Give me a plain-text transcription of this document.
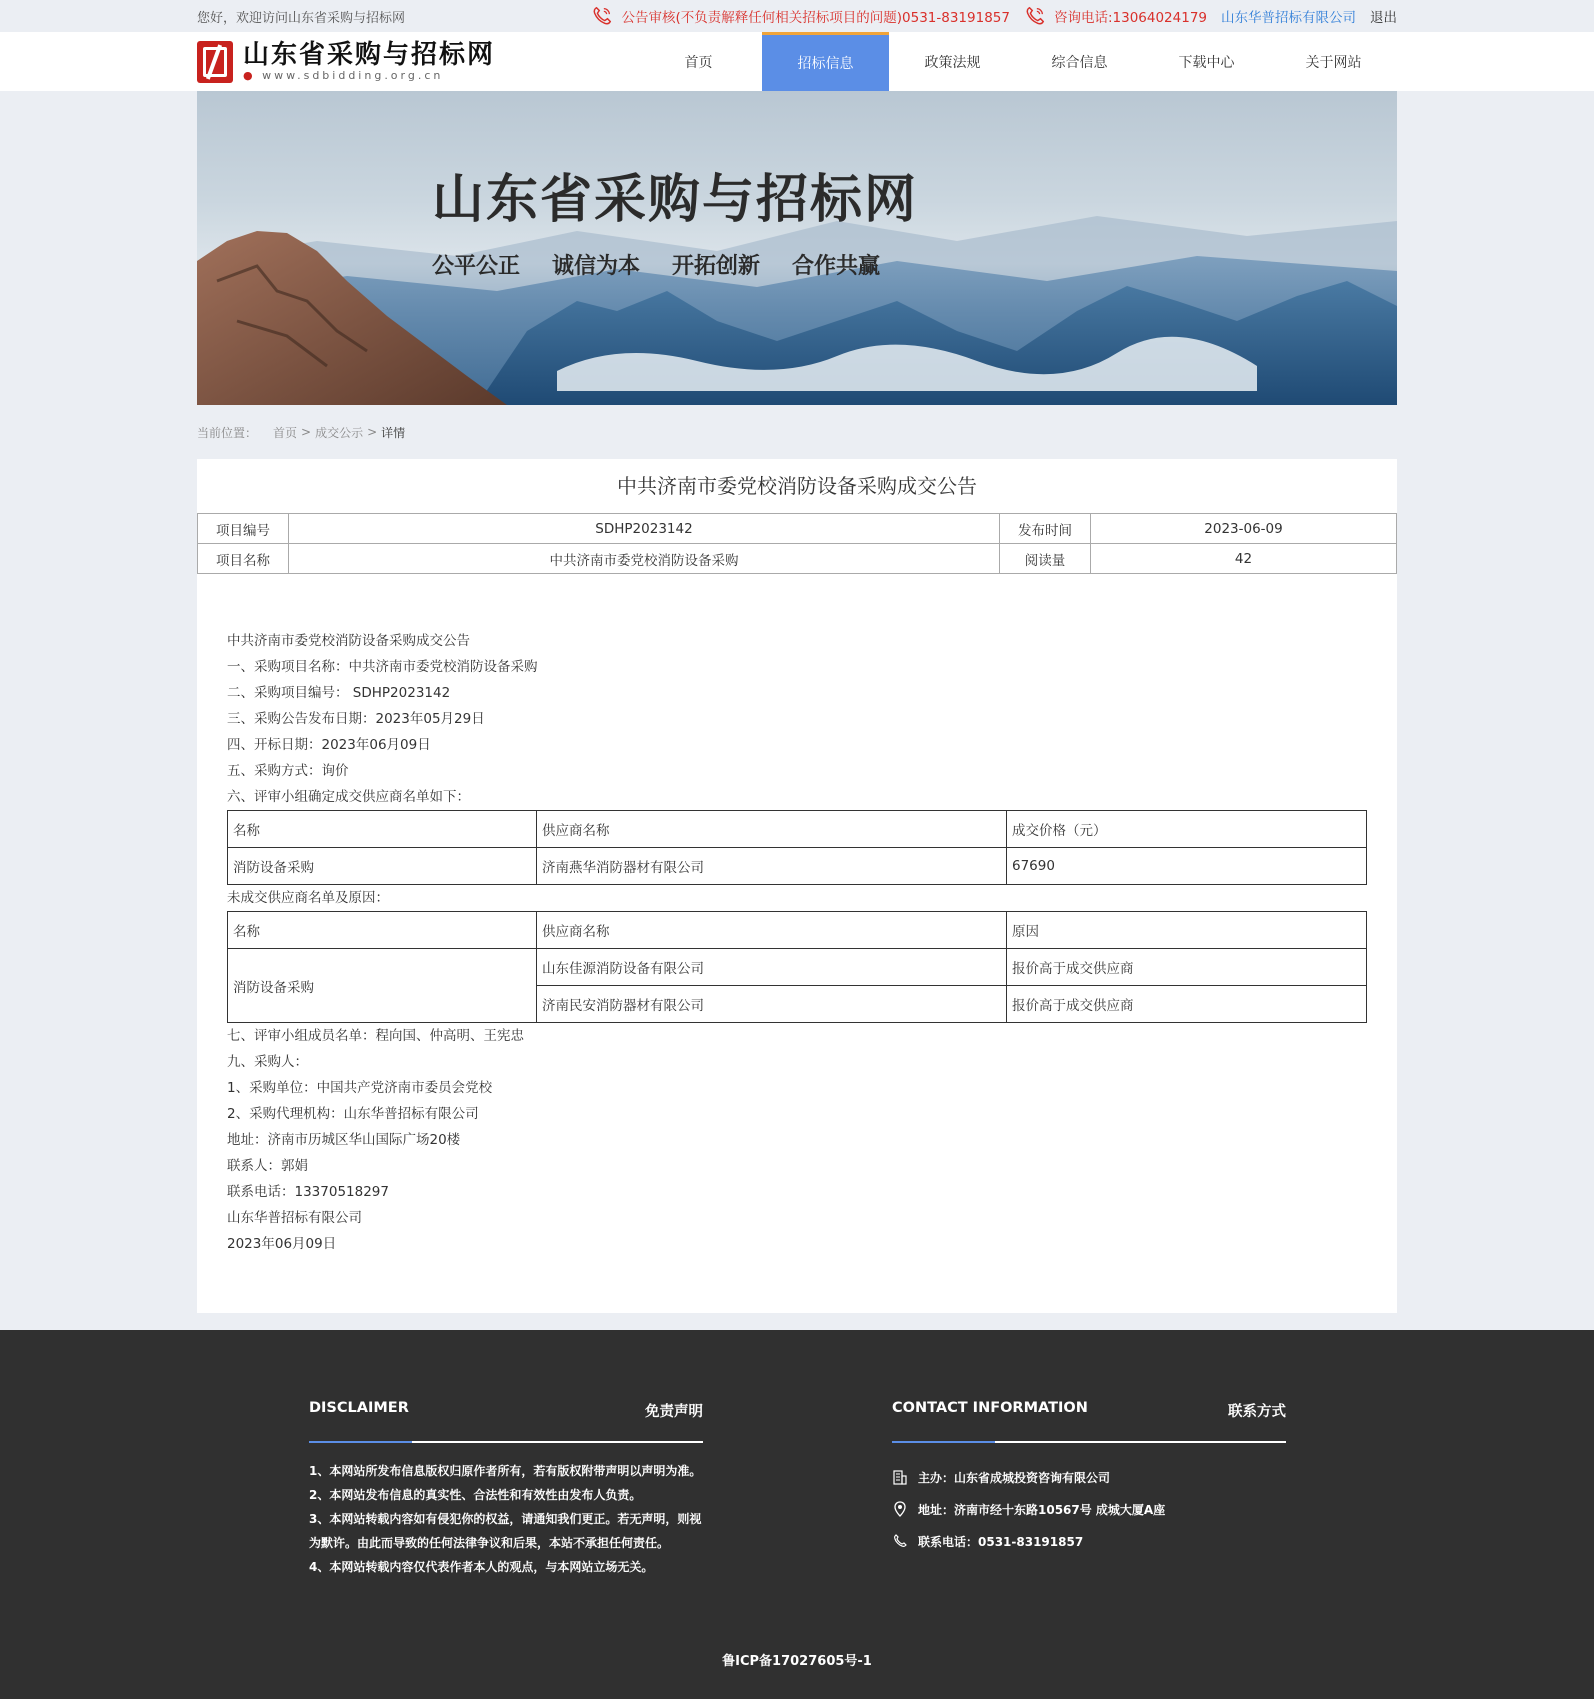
您好，欢迎访问山东省采购与招标网	公告审核(不负责解释任何相关招标项目的问题)0531-83191857	咨询电话:13064024179 山东华普招标有限公司 退出
山东省采购与招标网
● www.sdbidding.org.cn
首页	招标信息	政策法规	综合信息	下载中心	关于网站
山东省采购与招标网
公平公正 诚信为本 开拓创新 合作共赢
当前位置： 首页 > 成交公示 > 详情
中共济南市委党校消防设备采购成交公告
项目编号	SDHP2023142	发布时间	2023-06-09
项目名称	中共济南市委党校消防设备采购	阅读量	42

中共济南市委党校消防设备采购成交公告

一、采购项目名称：中共济南市委党校消防设备采购

二、采购项目编号： SDHP2023142

三、采购公告发布日期：2023年05月29日

四、开标日期：2023年06月09日

五、采购方式：询价

六、评审小组确定成交供应商名单如下：

名称	供应商名称	成交价格（元）
消防设备采购	济南燕华消防器材有限公司	67690

未成交供应商名单及原因：

名称	供应商名称	原因
消防设备采购	山东佳源消防设备有限公司	报价高于成交供应商
	济南民安消防器材有限公司	报价高于成交供应商

七、评审小组成员名单：程向国、仲高明、王宪忠

九、采购人：

1、采购单位：中国共产党济南市委员会党校

2、采购代理机构：山东华普招标有限公司

地址：济南市历城区华山国际广场20楼

联系人：郭娟

联系电话：13370518297

山东华普招标有限公司

2023年06月09日

DISCLAIMER	免责声明
1、本网站所发布信息版权归原作者所有，若有版权附带声明以声明为准。
2、本网站发布信息的真实性、合法性和有效性由发布人负责。
3、本网站转载内容如有侵犯你的权益，请通知我们更正。若无声明，则视为默许。由此而导致的任何法律争议和后果，本站不承担任何责任。
4、本网站转载内容仅代表作者本人的观点，与本网站立场无关。
CONTACT INFORMATION	联系方式
主办：山东省成城投资咨询有限公司
地址：济南市经十东路10567号 成城大厦A座
联系电话：0531-83191857
鲁ICP备17027605号-1
